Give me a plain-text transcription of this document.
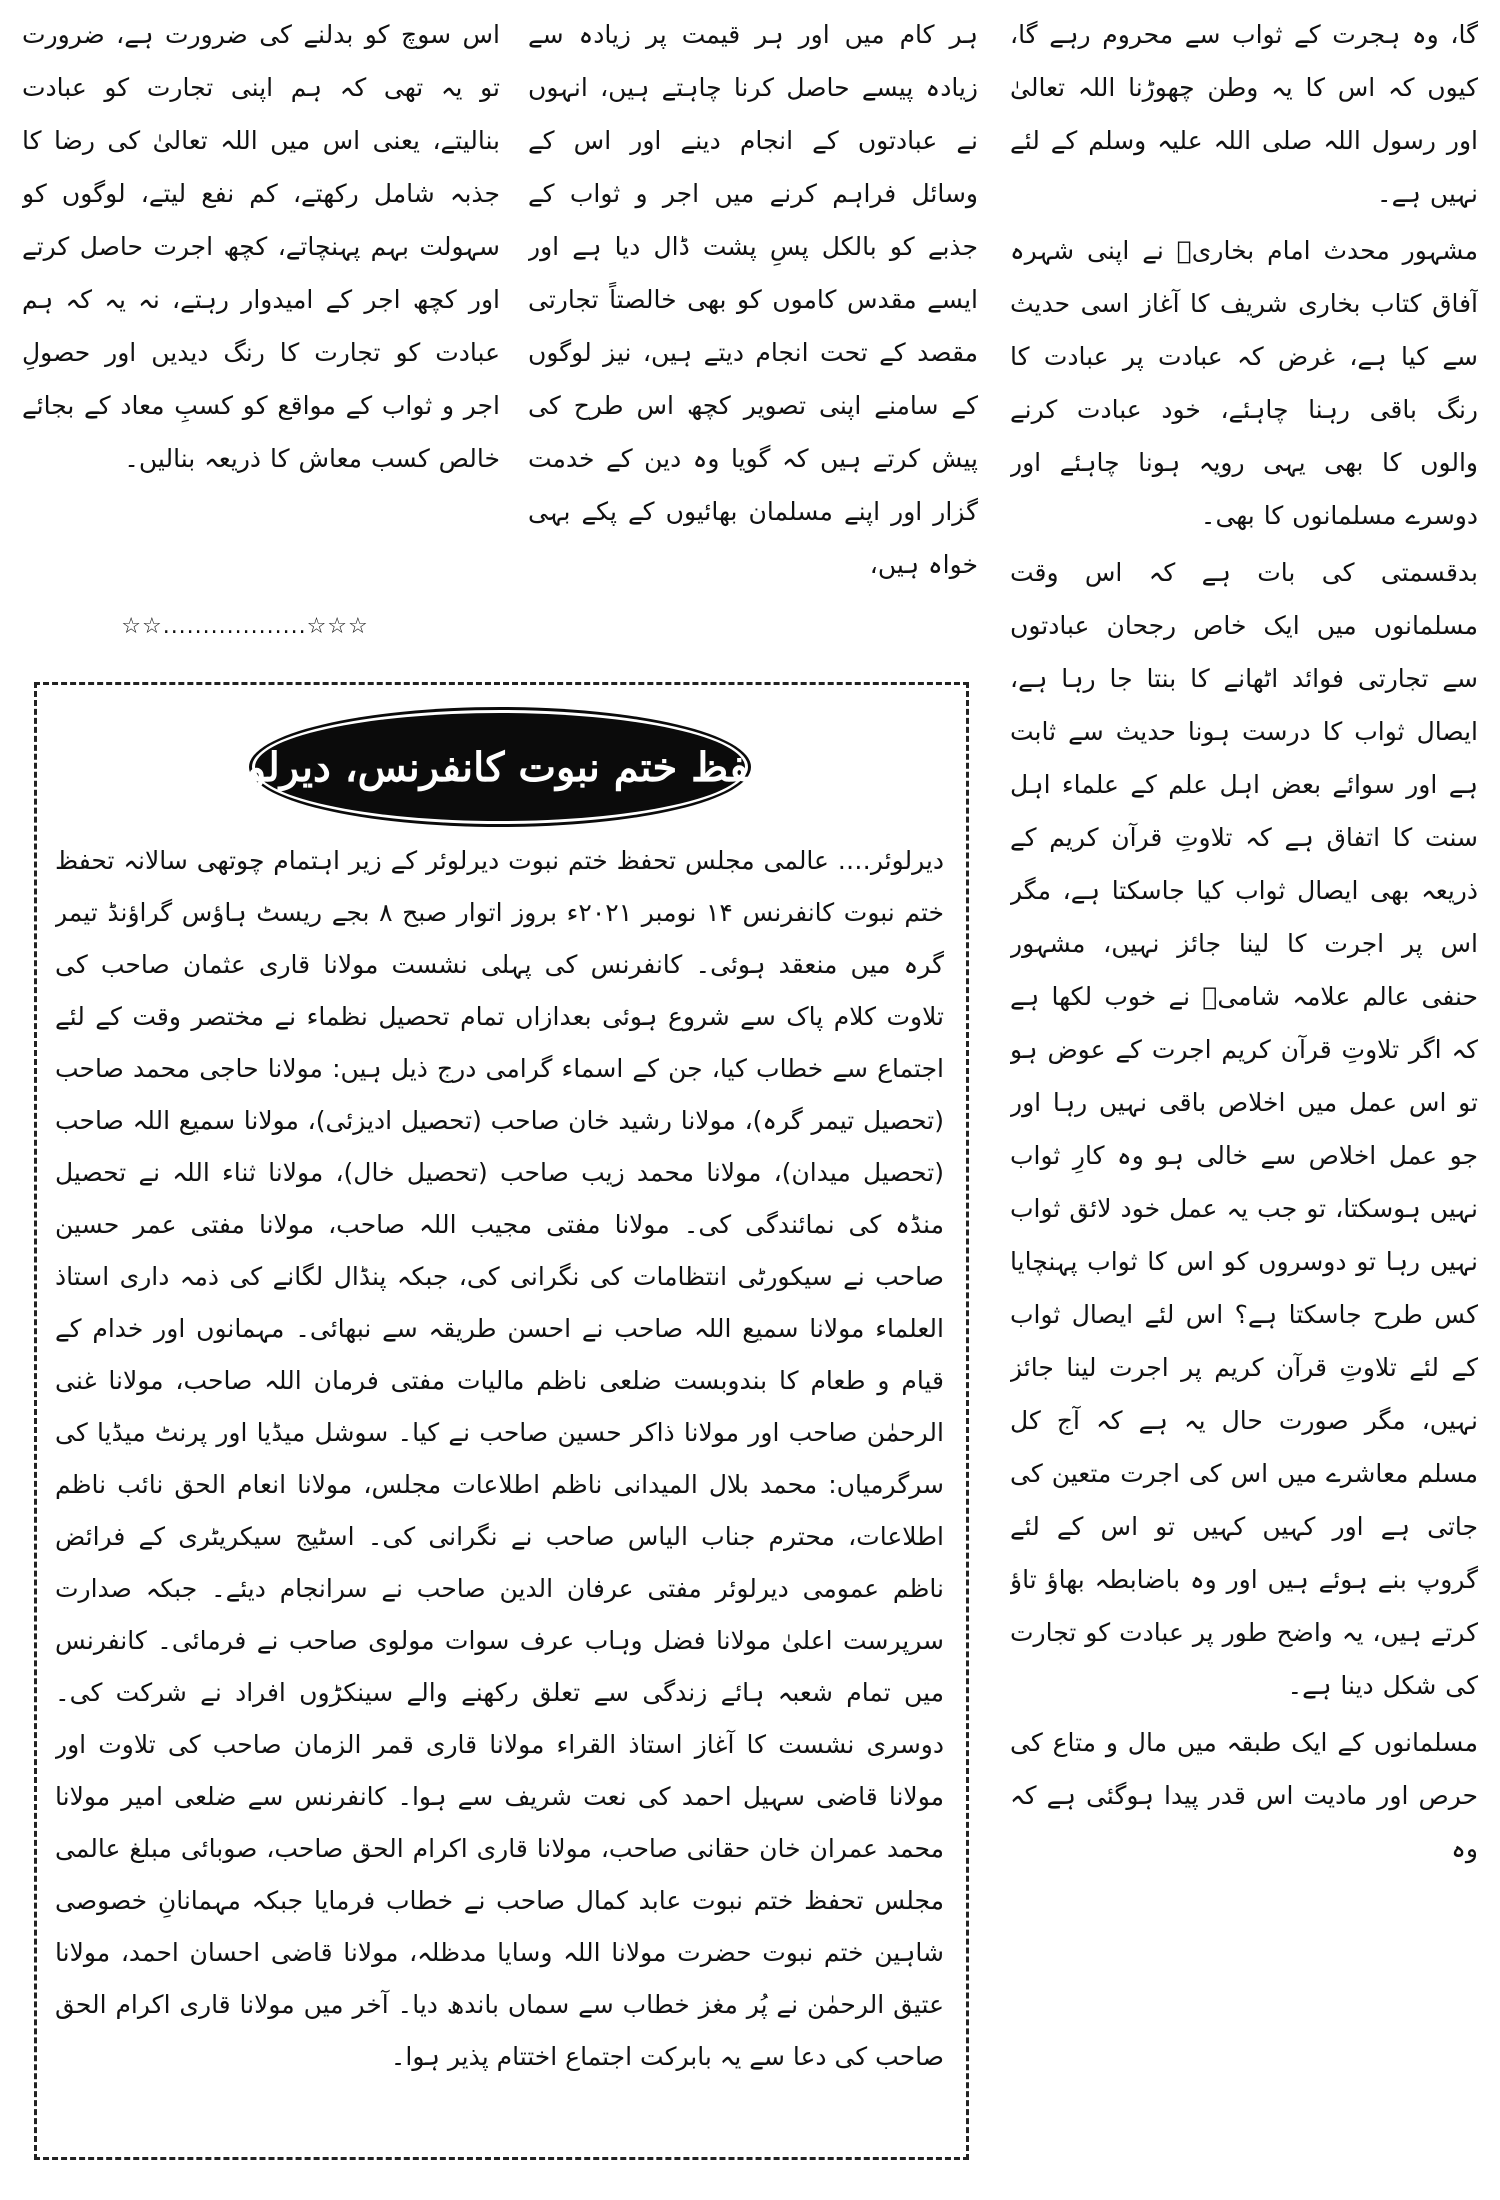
گا، وہ ہجرت کے ثواب سے محروم رہے گا، کیوں کہ اس کا یہ وطن چھوڑنا اللہ تعالیٰ اور رسول اللہ صلی اللہ علیہ وسلم کے لئے نہیں ہے۔

مشہور محدث امام بخاریؒ نے اپنی شہرہ آفاق کتاب بخاری شریف کا آغاز اسی حدیث سے کیا ہے، غرض کہ عبادت پر عبادت کا رنگ باقی رہنا چاہئے، خود عبادت کرنے والوں کا بھی یہی رویہ ہونا چاہئے اور دوسرے مسلمانوں کا بھی۔

بدقسمتی کی بات ہے کہ اس وقت مسلمانوں میں ایک خاص رجحان عبادتوں سے تجارتی فوائد اٹھانے کا بنتا جا رہا ہے، ایصال ثواب کا درست ہونا حدیث سے ثابت ہے اور سوائے بعض اہل علم کے علماء اہل سنت کا اتفاق ہے کہ تلاوتِ قرآن کریم کے ذریعہ بھی ایصال ثواب کیا جاسکتا ہے، مگر اس پر اجرت کا لینا جائز نہیں، مشہور حنفی عالم علامہ شامیؒ نے خوب لکھا ہے کہ اگر تلاوتِ قرآن کریم اجرت کے عوض ہو تو اس عمل میں اخلاص باقی نہیں رہا اور جو عمل اخلاص سے خالی ہو وہ کارِ ثواب نہیں ہوسکتا، تو جب یہ عمل خود لائق ثواب نہیں رہا تو دوسروں کو اس کا ثواب پہنچایا کس طرح جاسکتا ہے؟ اس لئے ایصال ثواب کے لئے تلاوتِ قرآن کریم پر اجرت لینا جائز نہیں، مگر صورت حال یہ ہے کہ آج کل مسلم معاشرے میں اس کی اجرت متعین کی جاتی ہے اور کہیں کہیں تو اس کے لئے گروپ بنے ہوئے ہیں اور وہ باضابطہ بھاؤ تاؤ کرتے ہیں، یہ واضح طور پر عبادت کو تجارت کی شکل دینا ہے۔

مسلمانوں کے ایک طبقہ میں مال و متاع کی حرص اور مادیت اس قدر پیدا ہوگئی ہے کہ وہ

ہر کام میں اور ہر قیمت پر زیادہ سے زیادہ پیسے حاصل کرنا چاہتے ہیں، انہوں نے عبادتوں کے انجام دینے اور اس کے وسائل فراہم کرنے میں اجر و ثواب کے جذبے کو بالکل پسِ پشت ڈال دیا ہے اور ایسے مقدس کاموں کو بھی خالصتاً تجارتی مقصد کے تحت انجام دیتے ہیں، نیز لوگوں کے سامنے اپنی تصویر کچھ اس طرح کی پیش کرتے ہیں کہ گویا وہ دین کے خدمت گزار اور اپنے مسلمان بھائیوں کے پکے بہی خواہ ہیں،

اس سوچ کو بدلنے کی ضرورت ہے، ضرورت تو یہ تھی کہ ہم اپنی تجارت کو عبادت بنالیتے، یعنی اس میں اللہ تعالیٰ کی رضا کا جذبہ شامل رکھتے، کم نفع لیتے، لوگوں کو سہولت بہم پہنچاتے، کچھ اجرت حاصل کرتے اور کچھ اجر کے امیدوار رہتے، نہ یہ کہ ہم عبادت کو تجارت کا رنگ دیدیں اور حصولِ اجر و ثواب کے مواقع کو کسبِ معاد کے بجائے خالص کسب معاش کا ذریعہ بنالیں۔

☆☆..................☆☆☆
تحفظ ختم نبوت کانفرنس، دیرلوئر

دیرلوئر…. عالمی مجلس تحفظ ختم نبوت دیرلوئر کے زیر اہتمام چوتھی سالانہ تحفظ ختم نبوت کانفرنس ۱۴ نومبر ۲۰۲۱ء بروز اتوار صبح ۸ بجے ریسٹ ہاؤس گراؤنڈ تیمر گرہ میں منعقد ہوئی۔ کانفرنس کی پہلی نشست مولانا قاری عثمان صاحب کی تلاوت کلام پاک سے شروع ہوئی بعدازاں تمام تحصیل نظماء نے مختصر وقت کے لئے اجتماع سے خطاب کیا، جن کے اسماء گرامی درج ذیل ہیں: مولانا حاجی محمد صاحب (تحصیل تیمر گرہ)، مولانا رشید خان صاحب (تحصیل ادیزئی)، مولانا سمیع اللہ صاحب (تحصیل میدان)، مولانا محمد زیب صاحب (تحصیل خال)، مولانا ثناء اللہ نے تحصیل منڈہ کی نمائندگی کی۔ مولانا مفتی مجیب اللہ صاحب، مولانا مفتی عمر حسین صاحب نے سیکورٹی انتظامات کی نگرانی کی، جبکہ پنڈال لگانے کی ذمہ داری استاذ العلماء مولانا سمیع اللہ صاحب نے احسن طریقہ سے نبھائی۔ مہمانوں اور خدام کے قیام و طعام کا بندوبست ضلعی ناظم مالیات مفتی فرمان اللہ صاحب، مولانا غنی الرحمٰن صاحب اور مولانا ذاکر حسین صاحب نے کیا۔ سوشل میڈیا اور پرنٹ میڈیا کی سرگرمیاں: محمد بلال المیدانی ناظم اطلاعات مجلس، مولانا انعام الحق نائب ناظم اطلاعات، محترم جناب الیاس صاحب نے نگرانی کی۔ اسٹیج سیکریٹری کے فرائض ناظم عمومی دیرلوئر مفتی عرفان الدین صاحب نے سرانجام دیئے۔ جبکہ صدارت سرپرست اعلیٰ مولانا فضل وہاب عرف سوات مولوی صاحب نے فرمائی۔ کانفرنس میں تمام شعبہ ہائے زندگی سے تعلق رکھنے والے سینکڑوں افراد نے شرکت کی۔ دوسری نشست کا آغاز استاذ القراء مولانا قاری قمر الزمان صاحب کی تلاوت اور مولانا قاضی سہیل احمد کی نعت شریف سے ہوا۔ کانفرنس سے ضلعی امیر مولانا محمد عمران خان حقانی صاحب، مولانا قاری اکرام الحق صاحب، صوبائی مبلغ عالمی مجلس تحفظ ختم نبوت عابد کمال صاحب نے خطاب فرمایا جبکہ مہمانانِ خصوصی شاہین ختم نبوت حضرت مولانا اللہ وسایا مدظلہ، مولانا قاضی احسان احمد، مولانا عتیق الرحمٰن نے پُر مغز خطاب سے سماں باندھ دیا۔ آخر میں مولانا قاری اکرام الحق صاحب کی دعا سے یہ بابرکت اجتماع اختتام پذیر ہوا۔
